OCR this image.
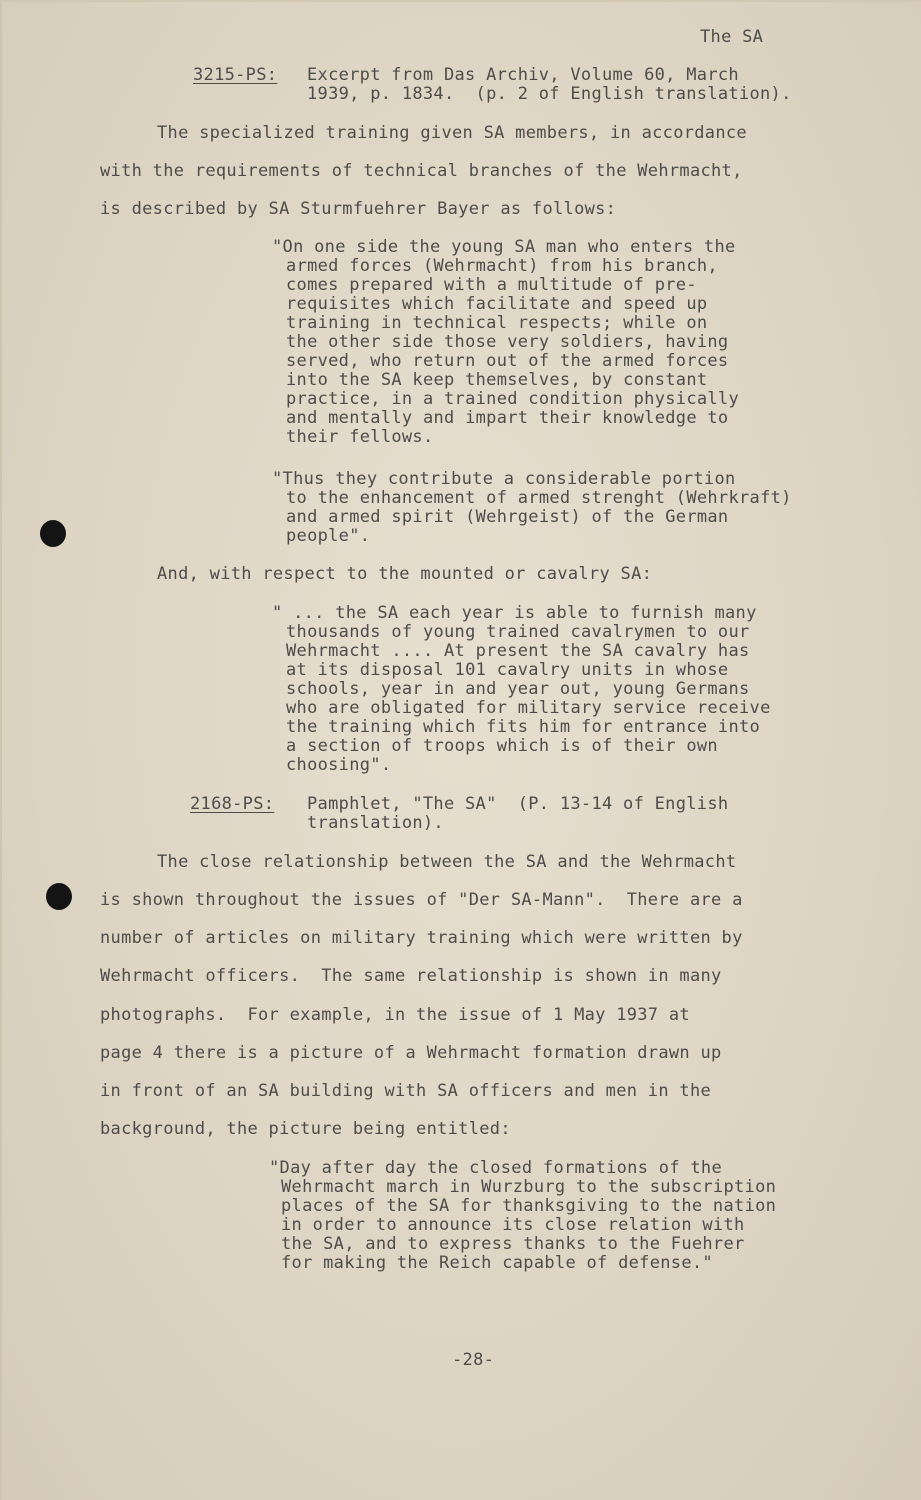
The SA

3215-PS: Excerpt from Das Archiv, Volume 60, March

1939, p. 1834.  (p. 2 of English translation).

The specialized training given SA members, in accordance

with the requirements of technical branches of the Wehrmacht,

is described by SA Sturmfuehrer Bayer as follows:

"On one side the young SA man who enters the

armed forces (Wehrmacht) from his branch,

comes prepared with a multitude of pre-

requisites which facilitate and speed up

training in technical respects; while on

the other side those very soldiers, having

served, who return out of the armed forces

into the SA keep themselves, by constant

practice, in a trained condition physically

and mentally and impart their knowledge to

their fellows.

"Thus they contribute a considerable portion

to the enhancement of armed strenght (Wehrkraft)

and armed spirit (Wehrgeist) of the German

people".

And, with respect to the mounted or cavalry SA:

" ... the SA each year is able to furnish many

thousands of young trained cavalrymen to our

Wehrmacht .... At present the SA cavalry has

at its disposal 101 cavalry units in whose

schools, year in and year out, young Germans

who are obligated for military service receive

the training which fits him for entrance into

a section of troops which is of their own

choosing".

2168-PS: Pamphlet, "The SA"  (P. 13-14 of English

translation).

The close relationship between the SA and the Wehrmacht

is shown throughout the issues of "Der SA-Mann".  There are a

number of articles on military training which were written by

Wehrmacht officers.  The same relationship is shown in many

photographs.  For example, in the issue of 1 May 1937 at

page 4 there is a picture of a Wehrmacht formation drawn up

in front of an SA building with SA officers and men in the

background, the picture being entitled:

"Day after day the closed formations of the

Wehrmacht march in Wurzburg to the subscription

places of the SA for thanksgiving to the nation

in order to announce its close relation with

the SA, and to express thanks to the Fuehrer

for making the Reich capable of defense."

-28-
